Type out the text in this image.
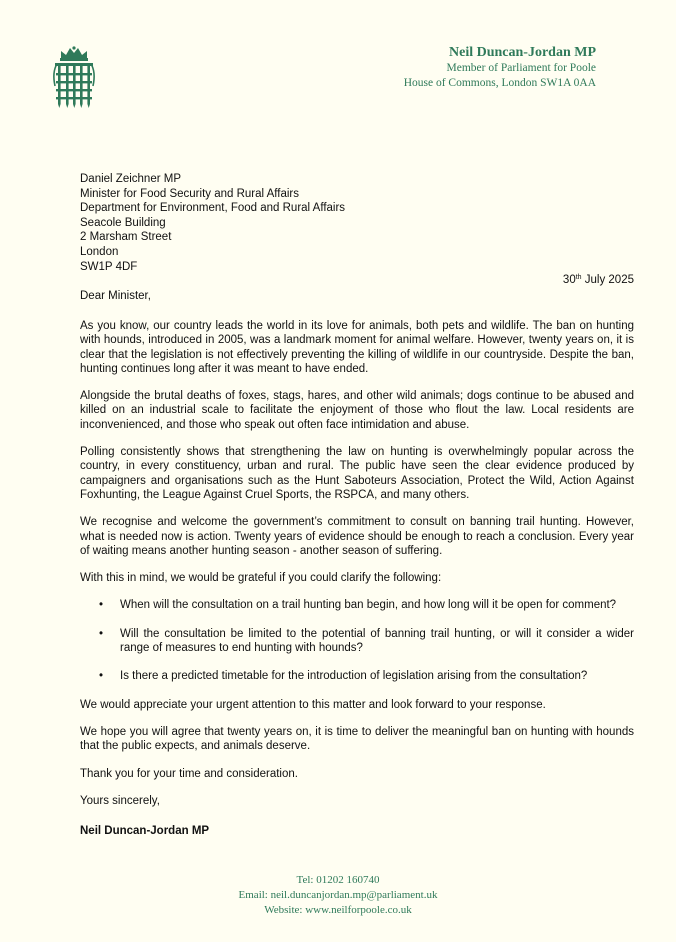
Neil Duncan-Jordan MP
Member of Parliament for Poole
House of Commons, London SW1A 0AA
Daniel Zeichner MP
Minister for Food Security and Rural Affairs
Department for Environment, Food and Rural Affairs
Seacole Building
2 Marsham Street
London
SW1P 4DF
30th July 2025
Dear Minister,

As you know, our country leads the world in its love for animals, both pets and wildlife. The ban on hunting with hounds, introduced in 2005, was a landmark moment for animal welfare. However, twenty years on, it is clear that the legislation is not effectively preventing the killing of wildlife in our countryside. Despite the ban, hunting continues long after it was meant to have ended.

Alongside the brutal deaths of foxes, stags, hares, and other wild animals; dogs continue to be abused and killed on an industrial scale to facilitate the enjoyment of those who flout the law. Local residents are inconvenienced, and those who speak out often face intimidation and abuse.

Polling consistently shows that strengthening the law on hunting is overwhelmingly popular across the country, in every constituency, urban and rural. The public have seen the clear evidence produced by campaigners and organisations such as the Hunt Saboteurs Association, Protect the Wild, Action Against Foxhunting, the League Against Cruel Sports, the RSPCA, and many others.

We recognise and welcome the government’s commitment to consult on banning trail hunting. However, what is needed now is action. Twenty years of evidence should be enough to reach a conclusion. Every year of waiting means another hunting season - another season of suffering.

With this in mind, we would be grateful if you could clarify the following:

• When will the consultation on a trail hunting ban begin, and how long will it be open for comment?
• Will the consultation be limited to the potential of banning trail hunting, or will it consider a wider range of measures to end hunting with hounds?
• Is there a predicted timetable for the introduction of legislation arising from the consultation?

We would appreciate your urgent attention to this matter and look forward to your response.

We hope you will agree that twenty years on, it is time to deliver the meaningful ban on hunting with hounds that the public expects, and animals deserve.

Thank you for your time and consideration.

Yours sincerely,

Neil Duncan-Jordan MP
Tel: 01202 160740
Email: neil.duncanjordan.mp@parliament.uk
Website: www.neilforpoole.co.uk
